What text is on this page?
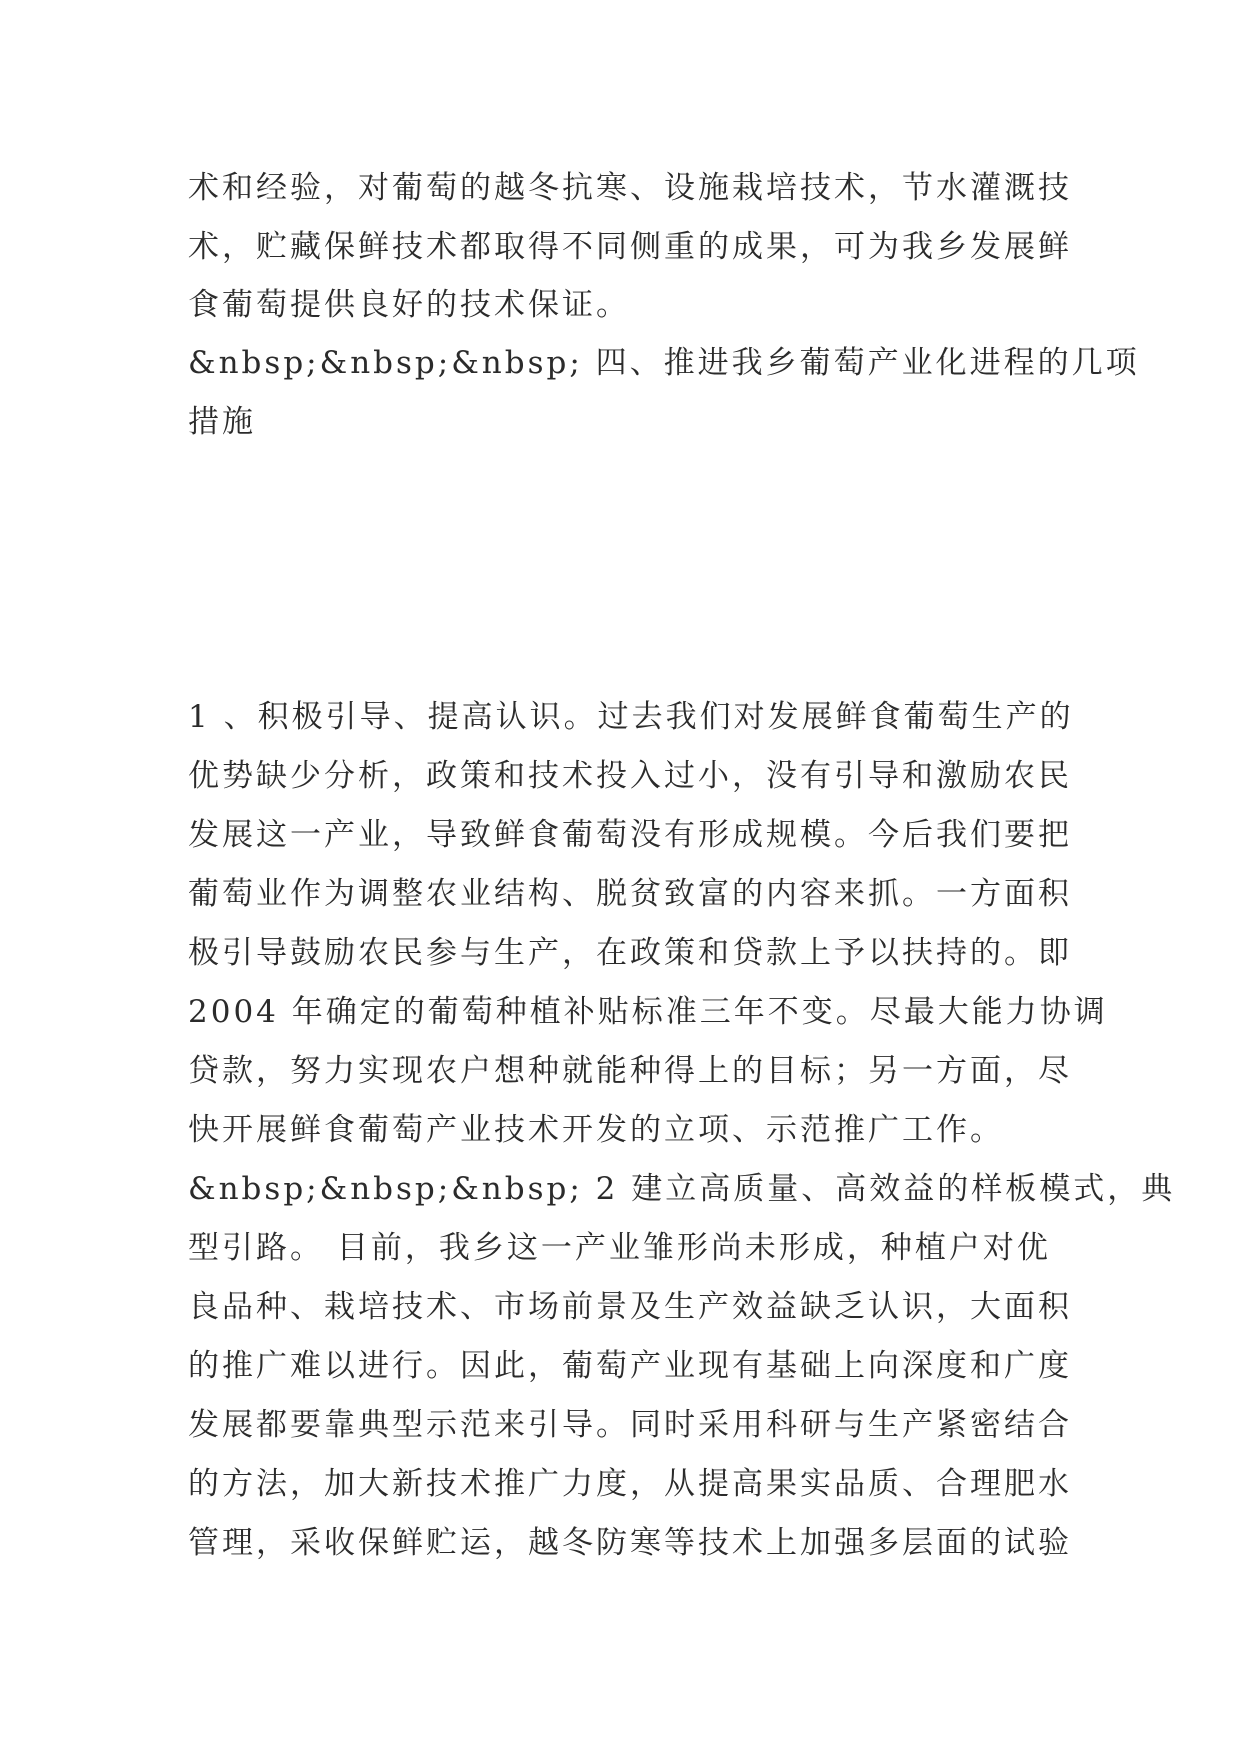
术和经验，对葡萄的越冬抗寒、设施栽培技术，节水灌溉技

术，贮藏保鲜技术都取得不同侧重的成果，可为我乡发展鲜

食葡萄提供良好的技术保证。

&nbsp;&nbsp;&nbsp; 四、推进我乡葡萄产业化进程的几项

措施

1 、积极引导、提高认识。过去我们对发展鲜食葡萄生产的

优势缺少分析，政策和技术投入过小，没有引导和激励农民

发展这一产业，导致鲜食葡萄没有形成规模。今后我们要把

葡萄业作为调整农业结构、脱贫致富的内容来抓。一方面积

极引导鼓励农民参与生产，在政策和贷款上予以扶持的。即

2004 年确定的葡萄种植补贴标准三年不变。尽最大能力协调

贷款，努力实现农户想种就能种得上的目标；另一方面，尽

快开展鲜食葡萄产业技术开发的立项、示范推广工作。

&nbsp;&nbsp;&nbsp; 2 建立高质量、高效益的样板模式，典

型引路。 目前，我乡这一产业雏形尚未形成，种植户对优

良品种、栽培技术、市场前景及生产效益缺乏认识，大面积

的推广难以进行。因此，葡萄产业现有基础上向深度和广度

发展都要靠典型示范来引导。同时采用科研与生产紧密结合

的方法，加大新技术推广力度，从提高果实品质、合理肥水

管理，采收保鲜贮运，越冬防寒等技术上加强多层面的试验
